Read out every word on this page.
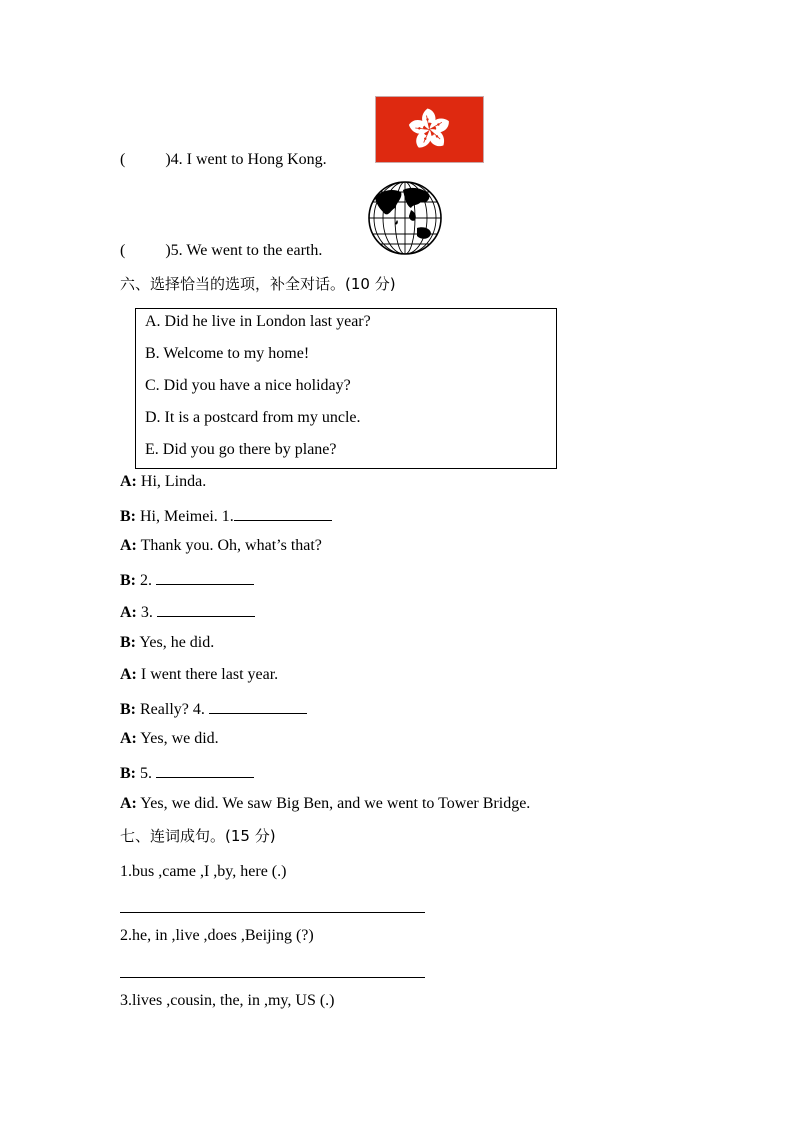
(	)4. I went to Hong Kong.
(	)5. We went to the earth.
六、选择恰当的选项，补全对话。(10 分)
A. Did he live in London last year?
B. Welcome to my home!
C. Did you have a nice holiday?
D. It is a postcard from my uncle.
E. Did you go there by plane?
A: Hi, Linda.
B: Hi, Meimei. 1.
A: Thank you. Oh, what’s that?
B: 2.
A: 3.
B: Yes, he did.
A: I went there last year.
B: Really? 4.
A: Yes, we did.
B: 5.
A: Yes, we did. We saw Big Ben, and we went to Tower Bridge.
七、连词成句。(15 分)
1.bus ,came ,I ,by, here (.)
2.he, in ,live ,does ,Beijing (?)
3.lives ,cousin, the, in ,my, US (.)
